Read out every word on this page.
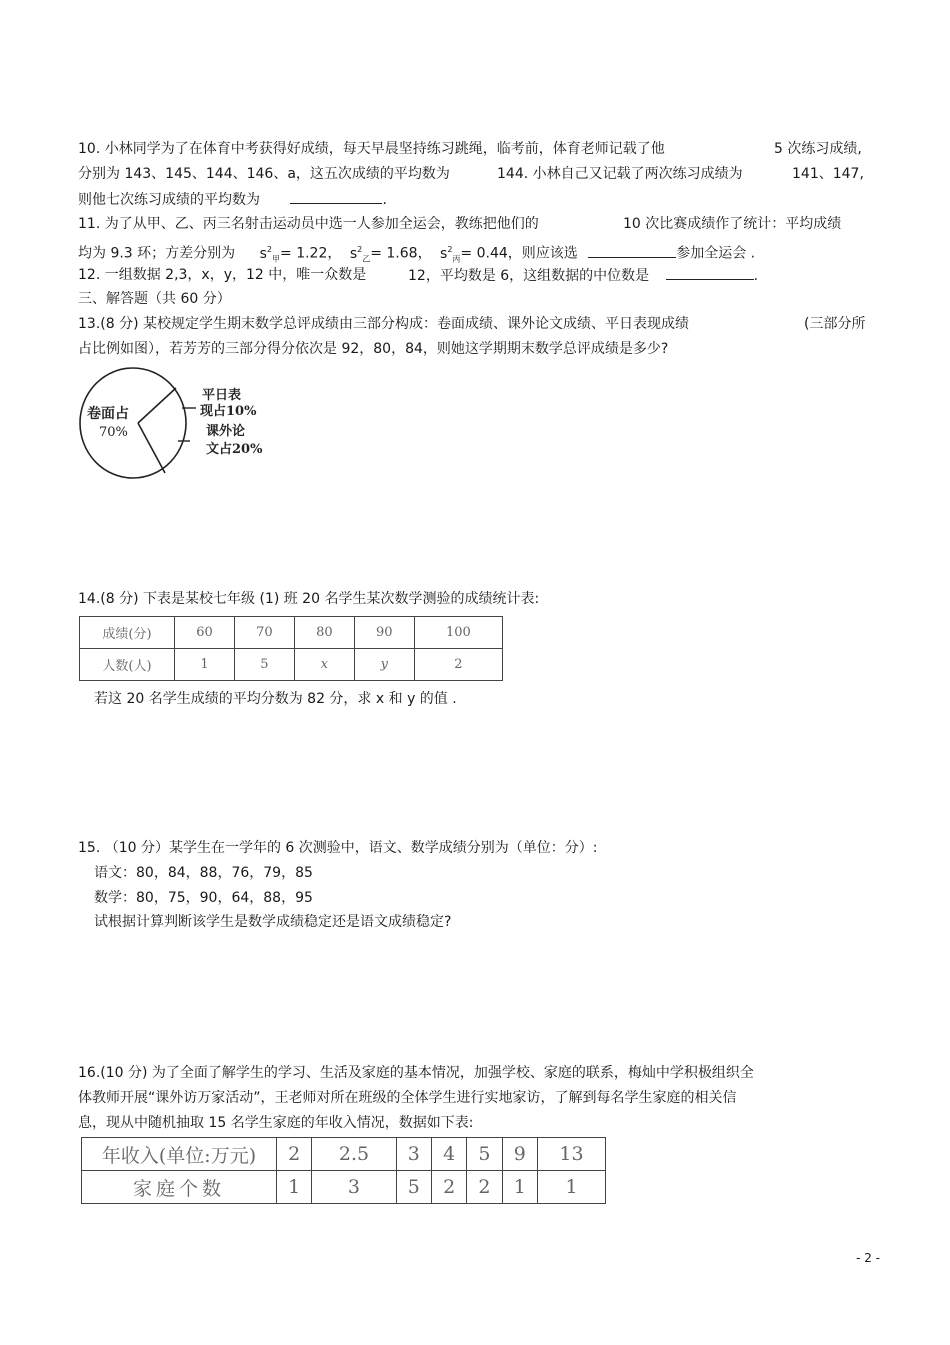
10. 小林同学为了在体育中考获得好成绩，每天早晨坚持练习跳绳，临考前，体育老师记载了他	5 次练习成绩,
分别为 143、145、144、146、a，这五次成绩的平均数为	144. 小林自己又记载了两次练习成绩为	141、147,
则他七次练习成绩的平均数为	.
11. 为了从甲、乙、丙三名射击运动员中选一人参加全运会，教练把他们的	10 次比赛成绩作了统计：平均成绩
均为 9.3 环；方差分别为 $s^2_甲= 1.22$， $s^2_乙= 1.68$， $s^2_丙= 0.44$，则应该选	参加全运会 .
12. 一组数据 2,3，x，y，12 中，唯一众数是	12，平均数是 6，这组数据的中位数是	.
三、解答题（共 60 分）
13.(8 分) 某校规定学生期末数学总评成绩由三部分构成：卷面成绩、课外论文成绩、平日表现成绩	(三部分所
占比例如图），若芳芳的三部分得分依次是 92，80，84，则她这学期期末数学总评成绩是多少?
卷面占
70%
平日表
现占10%
课外论
文占20%
14.(8 分) 下表是某校七年级 (1) 班 20 名学生某次数学测验的成绩统计表:
成绩(分)	60	70	80	90	100
人数(人)	1	5	x	y	2
若这 20 名学生成绩的平均分数为 82 分，求 x 和 y 的值 .
15. （10 分）某学生在一学年的 6 次测验中，语文、数学成绩分别为（单位：分）:
语文：80，84，88，76，79，85
数学：80，75，90，64，88，95
试根据计算判断该学生是数学成绩稳定还是语文成绩稳定?
16.(10 分) 为了全面了解学生的学习、生活及家庭的基本情况，加强学校、家庭的联系，梅灿中学积极组织全
体教师开展“课外访万家活动”，王老师对所在班级的全体学生进行实地家访，了解到每名学生家庭的相关信
息，现从中随机抽取 15 名学生家庭的年收入情况，数据如下表:
年收入(单位:万元)	2	2.5	3	4	5	9	13
家庭个数	1	3	5	2	2	1	1
- 2 -
